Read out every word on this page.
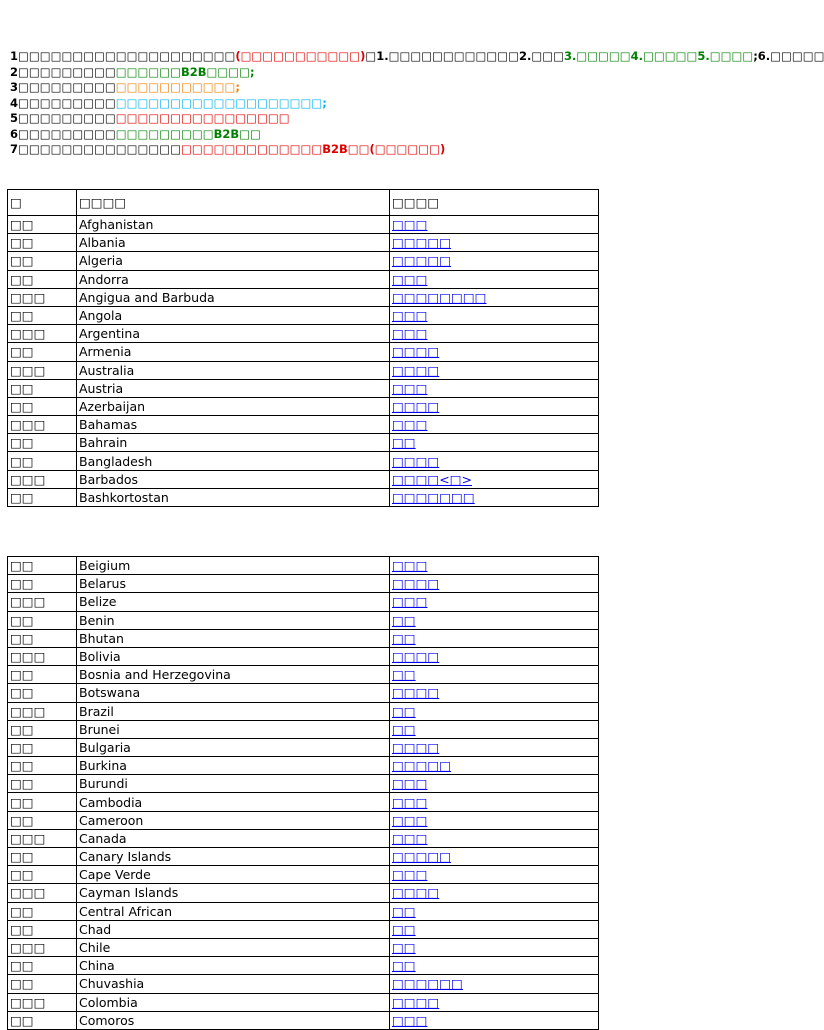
1□□□□□□□□□□□□□□□□□□□□(□□□□□□□□□□□)□1.□□□□□□□□□□□□2.□□□3.□□□□□4.□□□□□5.□□□□;6.□□□□□
2□□□□□□□□□□□□□□□B2B□□□□;
3□□□□□□□□□□□□□□□□□□□□;
4□□□□□□□□□□□□□□□□□□□□□□□□□□□□;
5□□□□□□□□□□□□□□□□□□□□□□□□□
6□□□□□□□□□□□□□□□□□□B2B□□
7□□□□□□□□□□□□□□□□□□□□□□□□□□□□B2B□□(□□□□□□)
□	□□□□	□□□□
□□	Afghanistan	□□□
□□	Albania	□□□□□
□□	Algeria	□□□□□
□□	Andorra	□□□
□□□	Angigua and Barbuda	□□□□□□□□
□□	Angola	□□□
□□□	Argentina	□□□
□□	Armenia	□□□□
□□□	Australia	□□□□
□□	Austria	□□□
□□	Azerbaijan	□□□□
□□□	Bahamas	□□□
□□	Bahrain	□□
□□	Bangladesh	□□□□
□□□	Barbados	□□□□<□>
□□	Bashkortostan	□□□□□□□
□□	Beigium	□□□
□□	Belarus	□□□□
□□□	Belize	□□□
□□	Benin	□□
□□	Bhutan	□□
□□□	Bolivia	□□□□
□□	Bosnia and Herzegovina	□□
□□	Botswana	□□□□
□□□	Brazil	□□
□□	Brunei	□□
□□	Bulgaria	□□□□
□□	Burkina	□□□□□
□□	Burundi	□□□
□□	Cambodia	□□□
□□	Cameroon	□□□
□□□	Canada	□□□
□□	Canary Islands	□□□□□
□□	Cape Verde	□□□
□□□	Cayman Islands	□□□□
□□	Central African	□□
□□	Chad	□□
□□□	Chile	□□
□□	China	□□
□□	Chuvashia	□□□□□□
□□□	Colombia	□□□□
□□	Comoros	□□□
